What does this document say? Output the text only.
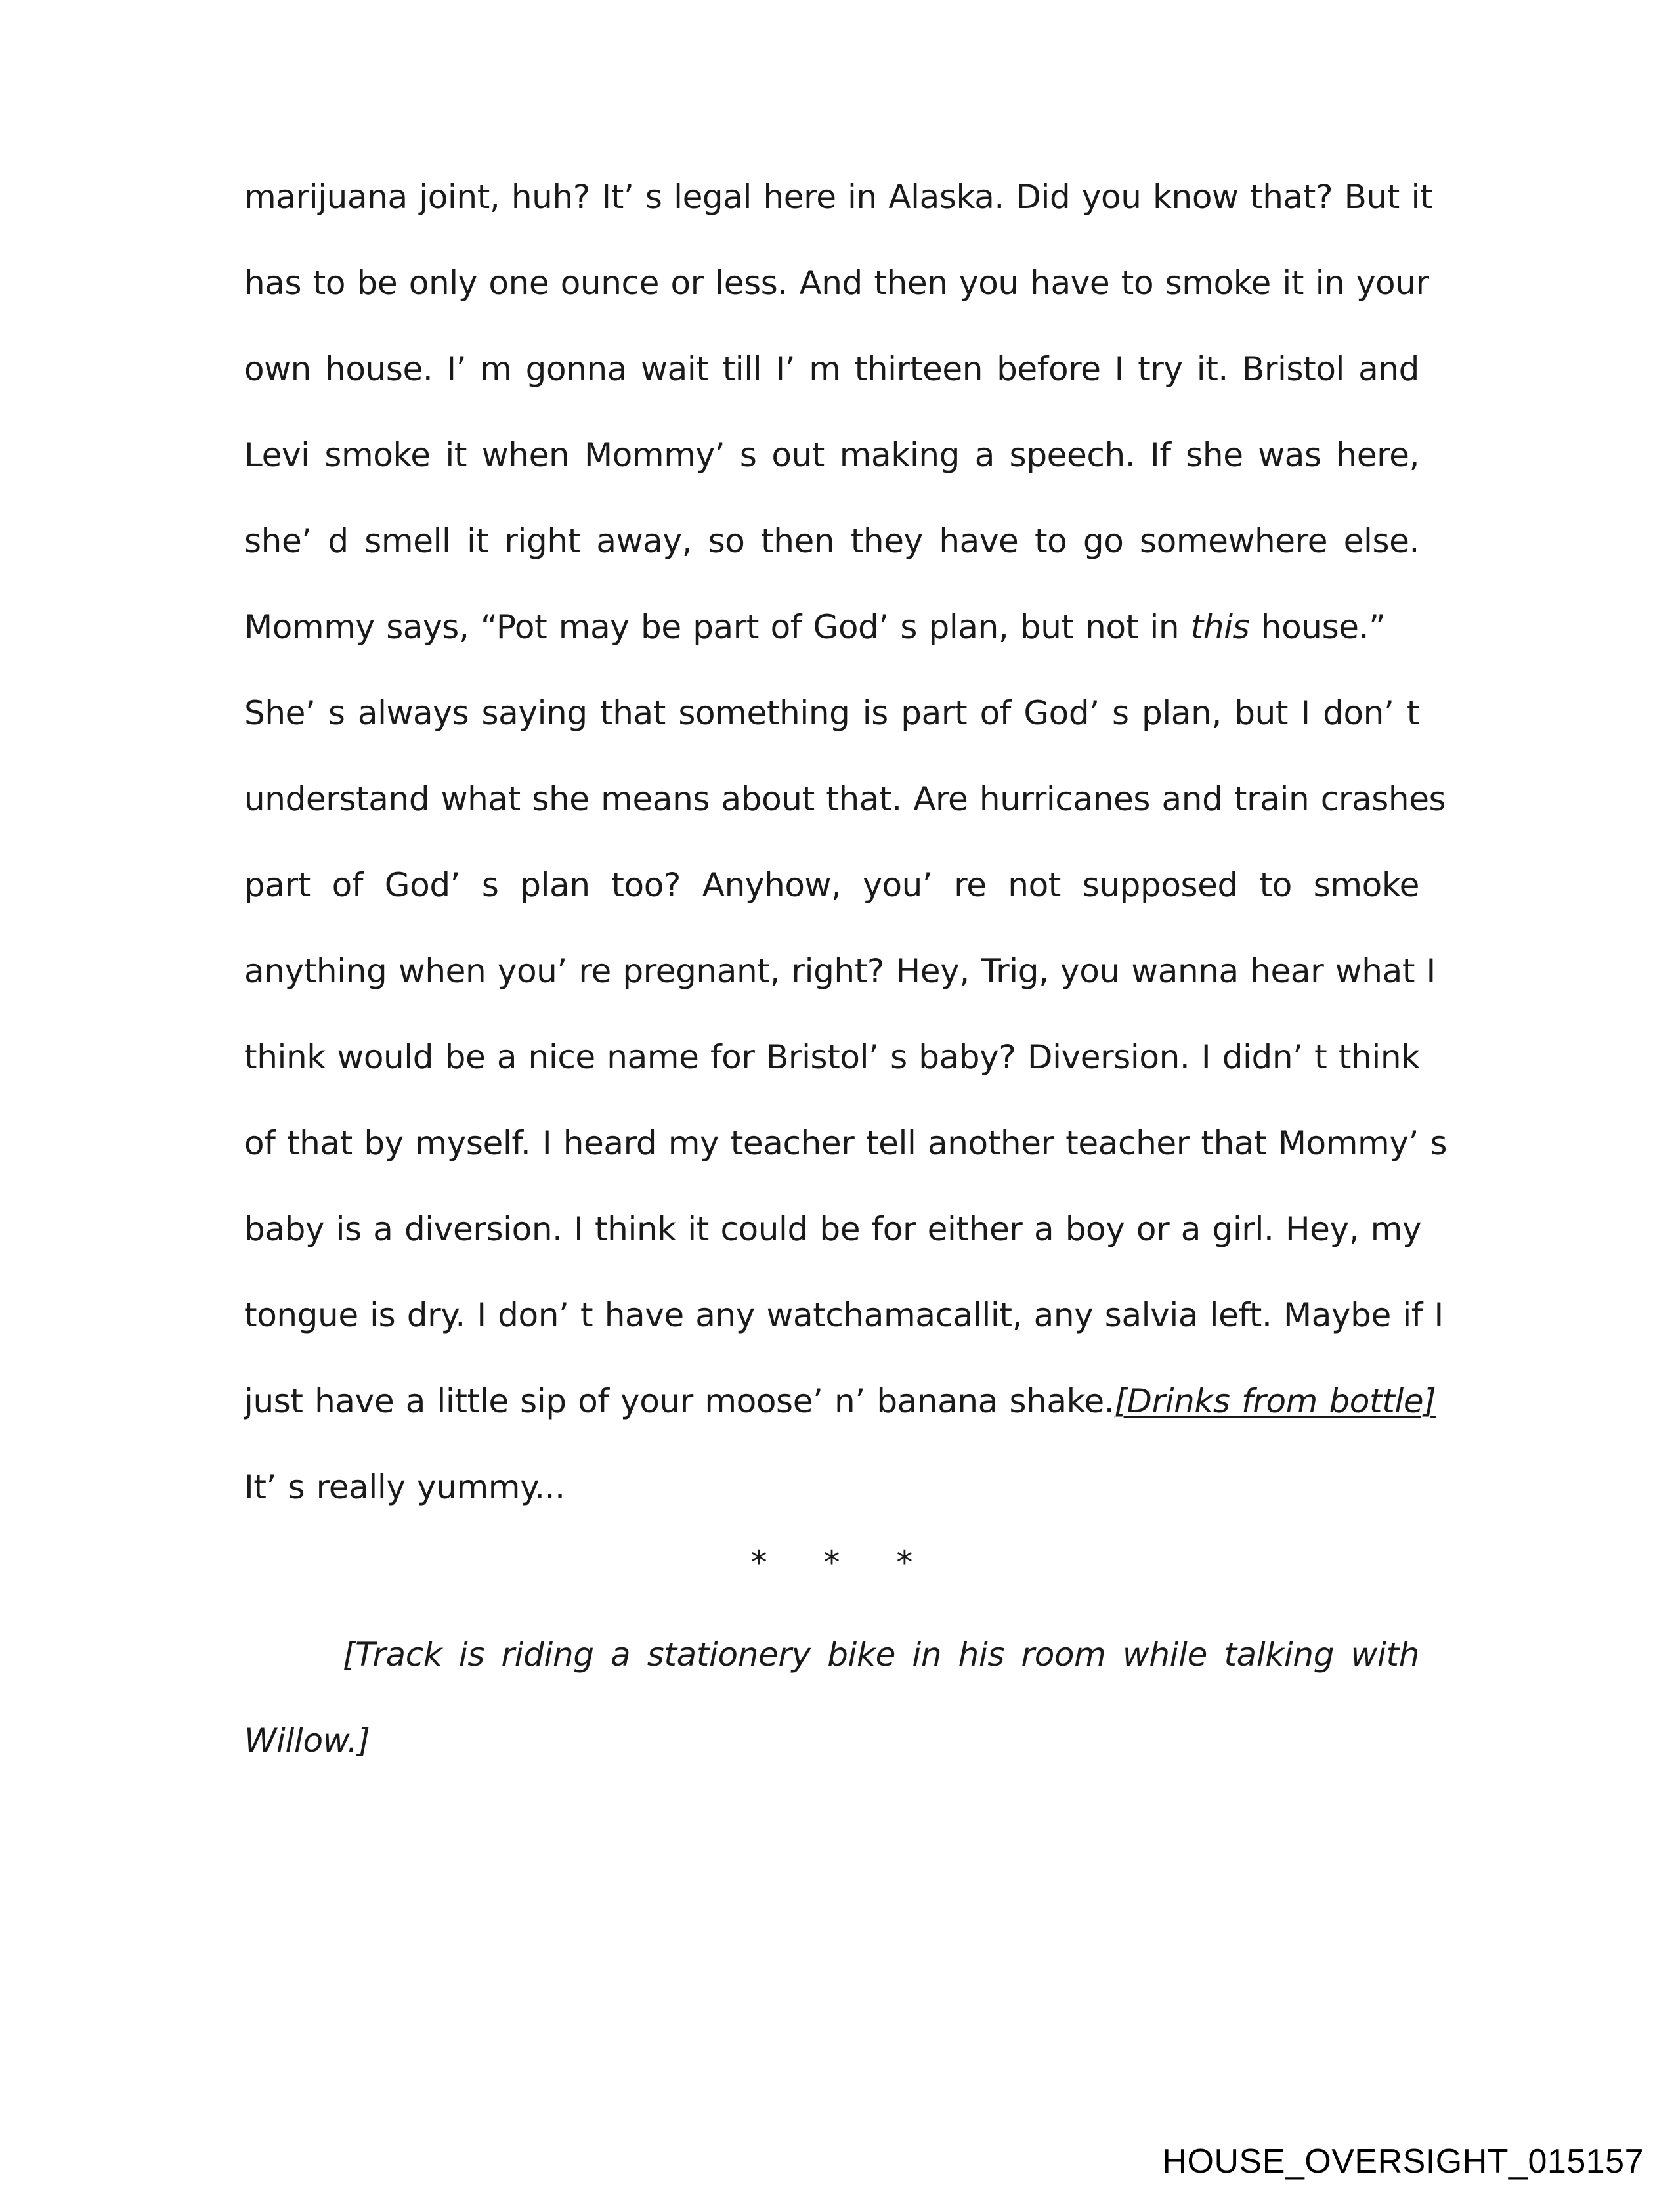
marijuana joint, huh? It’ s legal here in Alaska. Did you know that? But it
has to be only one ounce or less. And then you have to smoke it in your
own house. I’ m gonna wait till I’ m thirteen before I try it. Bristol and
Levi smoke it when Mommy’ s out making a speech. If she was here,
she’ d smell it right away, so then they have to go somewhere else.
Mommy says, “Pot may be part of God’ s plan, but not in this house.”
She’ s always saying that something is part of God’ s plan, but I don’ t
understand what she means about that. Are hurricanes and train crashes
part of God’ s plan too? Anyhow, you’ re not supposed to smoke
anything when you’ re pregnant, right? Hey, Trig, you wanna hear what I
think would be a nice name for Bristol’ s baby? Diversion. I didn’ t think
of that by myself. I heard my teacher tell another teacher that Mommy’ s
baby is a diversion. I think it could be for either a boy or a girl. Hey, my
tongue is dry. I don’ t have any watchamacallit, any salvia left. Maybe if I
just have a little sip of your moose’ n’ banana shake. [Drinks from bottle]
It’ s really yummy...
* * *
[Track is riding a stationery bike in his room while talking with
Willow.]
HOUSE_OVERSIGHT_015157
